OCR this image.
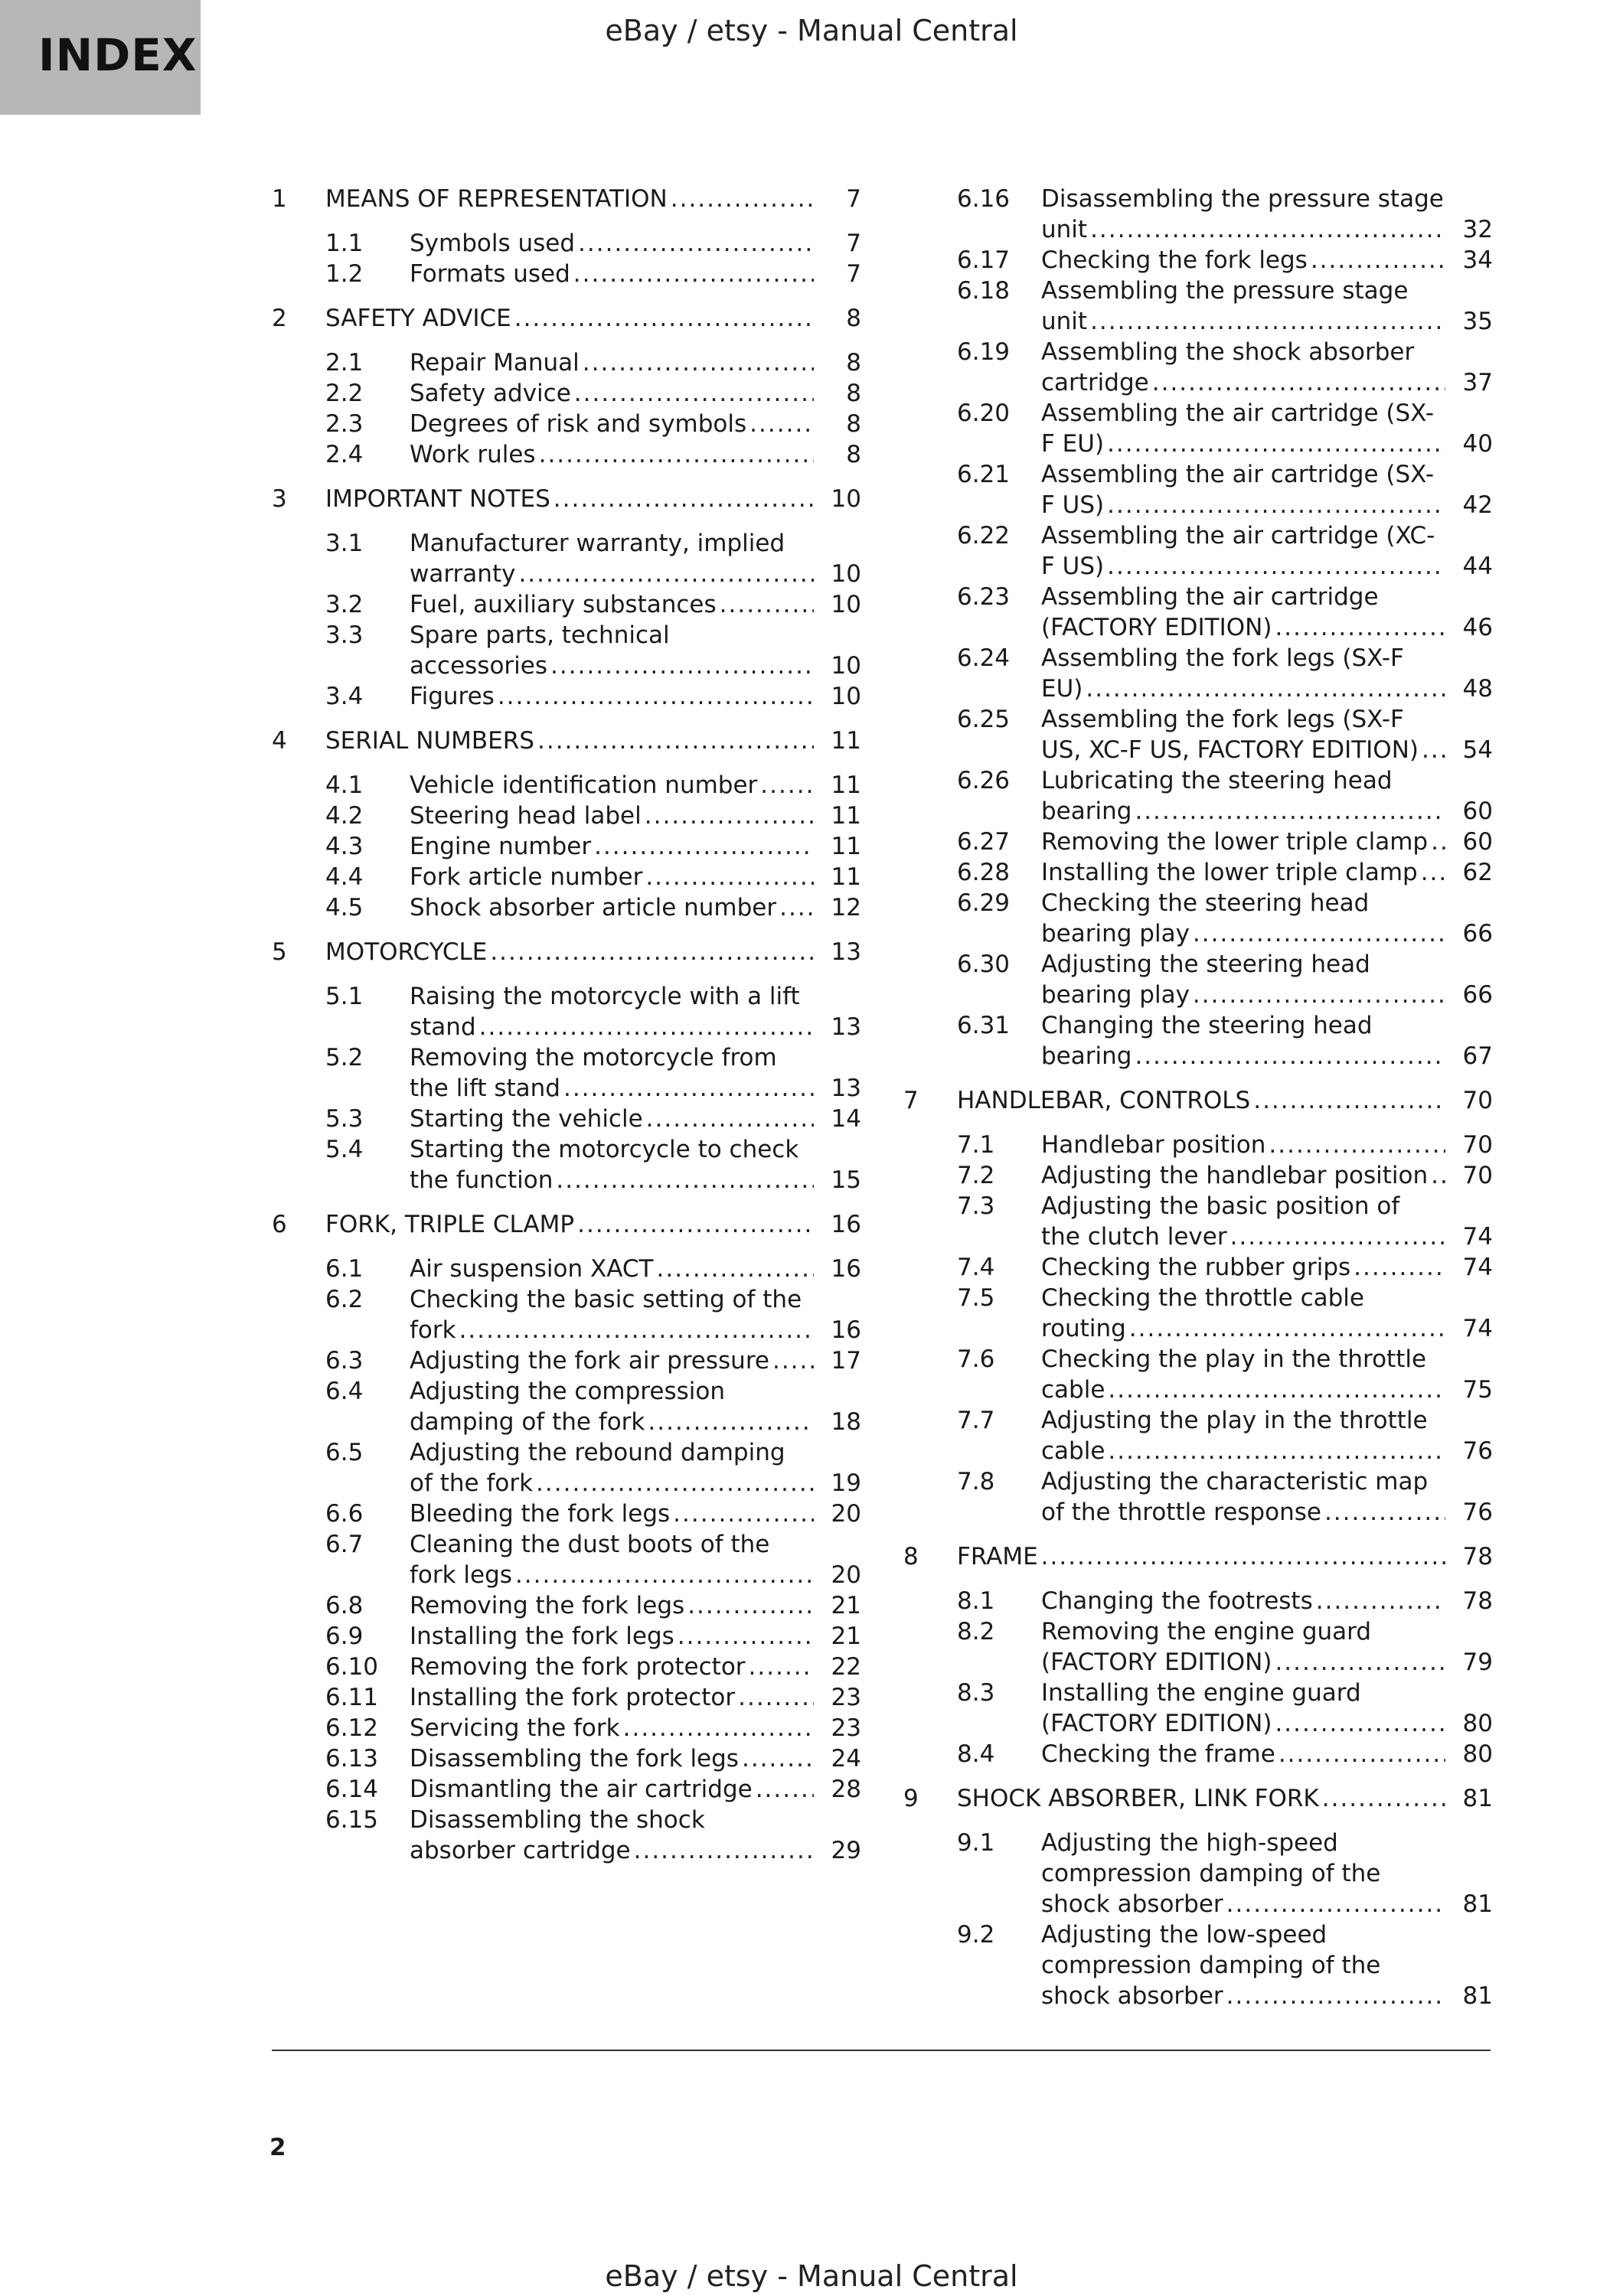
INDEX	eBay / etsy - Manual Central
1 MEANS OF REPRESENTATION .....	7
1.1 Symbols used .....	7
1.2 Formats used .....	7
2 SAFETY ADVICE .....	8
2.1 Repair Manual .....	8
2.2 Safety advice .....	8
2.3 Degrees of risk and symbols .....	8
2.4 Work rules .....	8
3 IMPORTANT NOTES .....	10
3.1 Manufacturer warranty, implied warranty .....	10
3.2 Fuel, auxiliary substances .....	10
3.3 Spare parts, technical accessories .....	10
3.4 Figures .....	10
4 SERIAL NUMBERS .....	11
4.1 Vehicle identification number .....	11
4.2 Steering head label .....	11
4.3 Engine number .....	11
4.4 Fork article number .....	11
4.5 Shock absorber article number .....	12
5 MOTORCYCLE .....	13
5.1 Raising the motorcycle with a lift stand .....	13
5.2 Removing the motorcycle from the lift stand .....	13
5.3 Starting the vehicle .....	14
5.4 Starting the motorcycle to check the function .....	15
6 FORK, TRIPLE CLAMP .....	16
6.1 Air suspension XACT .....	16
6.2 Checking the basic setting of the fork .....	16
6.3 Adjusting the fork air pressure .....	17
6.4 Adjusting the compression damping of the fork .....	18
6.5 Adjusting the rebound damping of the fork .....	19
6.6 Bleeding the fork legs .....	20
6.7 Cleaning the dust boots of the fork legs .....	20
6.8 Removing the fork legs .....	21
6.9 Installing the fork legs .....	21
6.10 Removing the fork protector .....	22
6.11 Installing the fork protector .....	23
6.12 Servicing the fork .....	23
6.13 Disassembling the fork legs .....	24
6.14 Dismantling the air cartridge .....	28
6.15 Disassembling the shock absorber cartridge .....	29
6.16 Disassembling the pressure stage unit .....	32
6.17 Checking the fork legs .....	34
6.18 Assembling the pressure stage unit .....	35
6.19 Assembling the shock absorber cartridge .....	37
6.20 Assembling the air cartridge (SX-F EU) .....	40
6.21 Assembling the air cartridge (SX-F US) .....	42
6.22 Assembling the air cartridge (XC-F US) .....	44
6.23 Assembling the air cartridge (FACTORY EDITION) .....	46
6.24 Assembling the fork legs (SX-F EU) .....	48
6.25 Assembling the fork legs (SX-F US, XC-F US, FACTORY EDITION) .....	54
6.26 Lubricating the steering head bearing .....	60
6.27 Removing the lower triple clamp .....	60
6.28 Installing the lower triple clamp .....	62
6.29 Checking the steering head bearing play .....	66
6.30 Adjusting the steering head bearing play .....	66
6.31 Changing the steering head bearing .....	67
7 HANDLEBAR, CONTROLS .....	70
7.1 Handlebar position .....	70
7.2 Adjusting the handlebar position .....	70
7.3 Adjusting the basic position of the clutch lever .....	74
7.4 Checking the rubber grips .....	74
7.5 Checking the throttle cable routing .....	74
7.6 Checking the play in the throttle cable .....	75
7.7 Adjusting the play in the throttle cable .....	76
7.8 Adjusting the characteristic map of the throttle response .....	76
8 FRAME .....	78
8.1 Changing the footrests .....	78
8.2 Removing the engine guard (FACTORY EDITION) .....	79
8.3 Installing the engine guard (FACTORY EDITION) .....	80
8.4 Checking the frame .....	80
9 SHOCK ABSORBER, LINK FORK .....	81
9.1 Adjusting the high-speed compression damping of the shock absorber .....	81
9.2 Adjusting the low-speed compression damping of the shock absorber .....	81
2
eBay / etsy - Manual Central
